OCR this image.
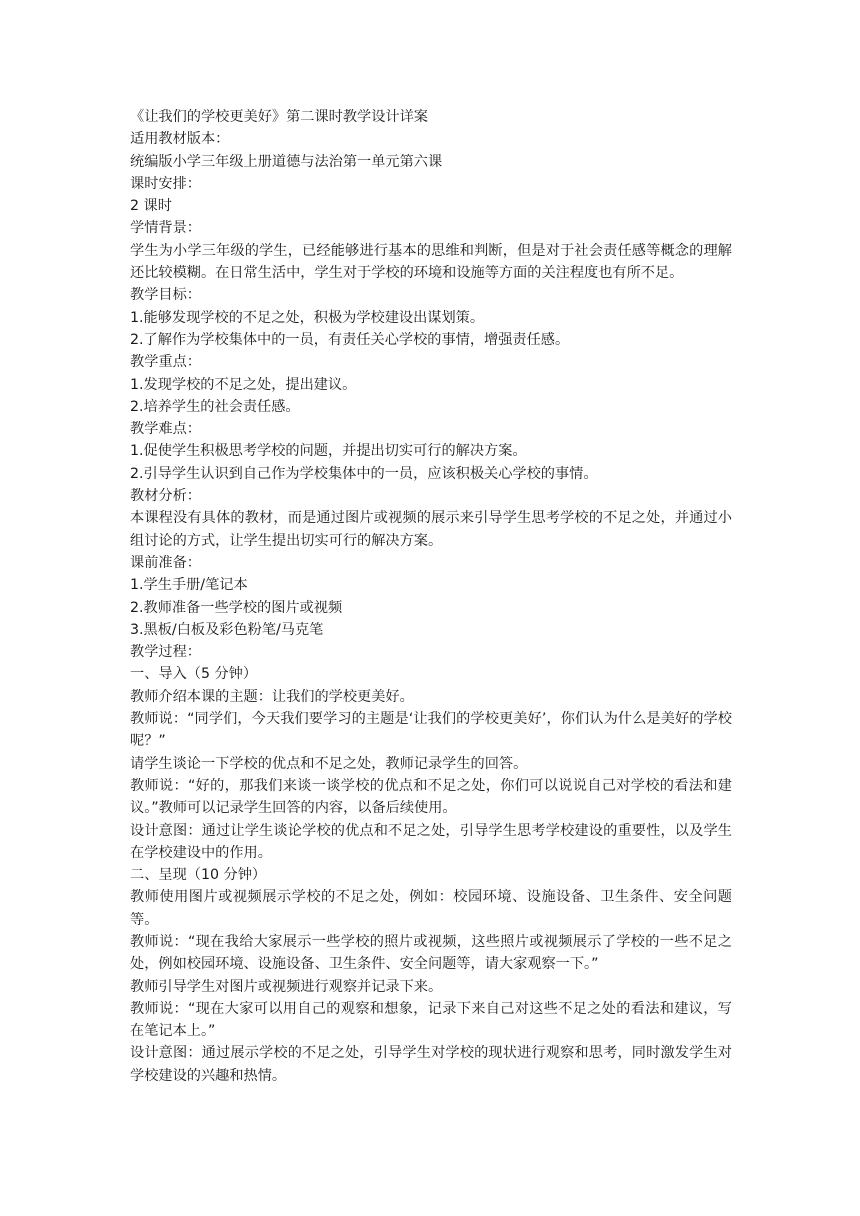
《让我们的学校更美好》第二课时教学设计详案

适用教材版本：

统编版小学三年级上册道德与法治第一单元第六课

课时安排：

2 课时

学情背景：

学生为小学三年级的学生，已经能够进行基本的思维和判断，但是对于社会责任感等概念的理解还比较模糊。在日常生活中，学生对于学校的环境和设施等方面的关注程度也有所不足。

教学目标：

1.能够发现学校的不足之处，积极为学校建设出谋划策。

2.了解作为学校集体中的一员，有责任关心学校的事情，增强责任感。

教学重点：

1.发现学校的不足之处，提出建议。

2.培养学生的社会责任感。

教学难点：

1.促使学生积极思考学校的问题，并提出切实可行的解决方案。

2.引导学生认识到自己作为学校集体中的一员，应该积极关心学校的事情。

教材分析：

本课程没有具体的教材，而是通过图片或视频的展示来引导学生思考学校的不足之处，并通过小组讨论的方式，让学生提出切实可行的解决方案。

课前准备：

1.学生手册/笔记本

2.教师准备一些学校的图片或视频

3.黑板/白板及彩色粉笔/马克笔

教学过程：

一、导入（5 分钟）

教师介绍本课的主题：让我们的学校更美好。

教师说：“同学们，今天我们要学习的主题是‘让我们的学校更美好’，你们认为什么是美好的学校呢？”

请学生谈论一下学校的优点和不足之处，教师记录学生的回答。

教师说：“好的，那我们来谈一谈学校的优点和不足之处，你们可以说说自己对学校的看法和建议。”教师可以记录学生回答的内容，以备后续使用。

设计意图：通过让学生谈论学校的优点和不足之处，引导学生思考学校建设的重要性，以及学生在学校建设中的作用。

二、呈现（10 分钟）

教师使用图片或视频展示学校的不足之处，例如：校园环境、设施设备、卫生条件、安全问题等。

教师说：“现在我给大家展示一些学校的照片或视频，这些照片或视频展示了学校的一些不足之处，例如校园环境、设施设备、卫生条件、安全问题等，请大家观察一下。”

教师引导学生对图片或视频进行观察并记录下来。

教师说：“现在大家可以用自己的观察和想象，记录下来自己对这些不足之处的看法和建议，写在笔记本上。”

设计意图：通过展示学校的不足之处，引导学生对学校的现状进行观察和思考，同时激发学生对学校建设的兴趣和热情。
